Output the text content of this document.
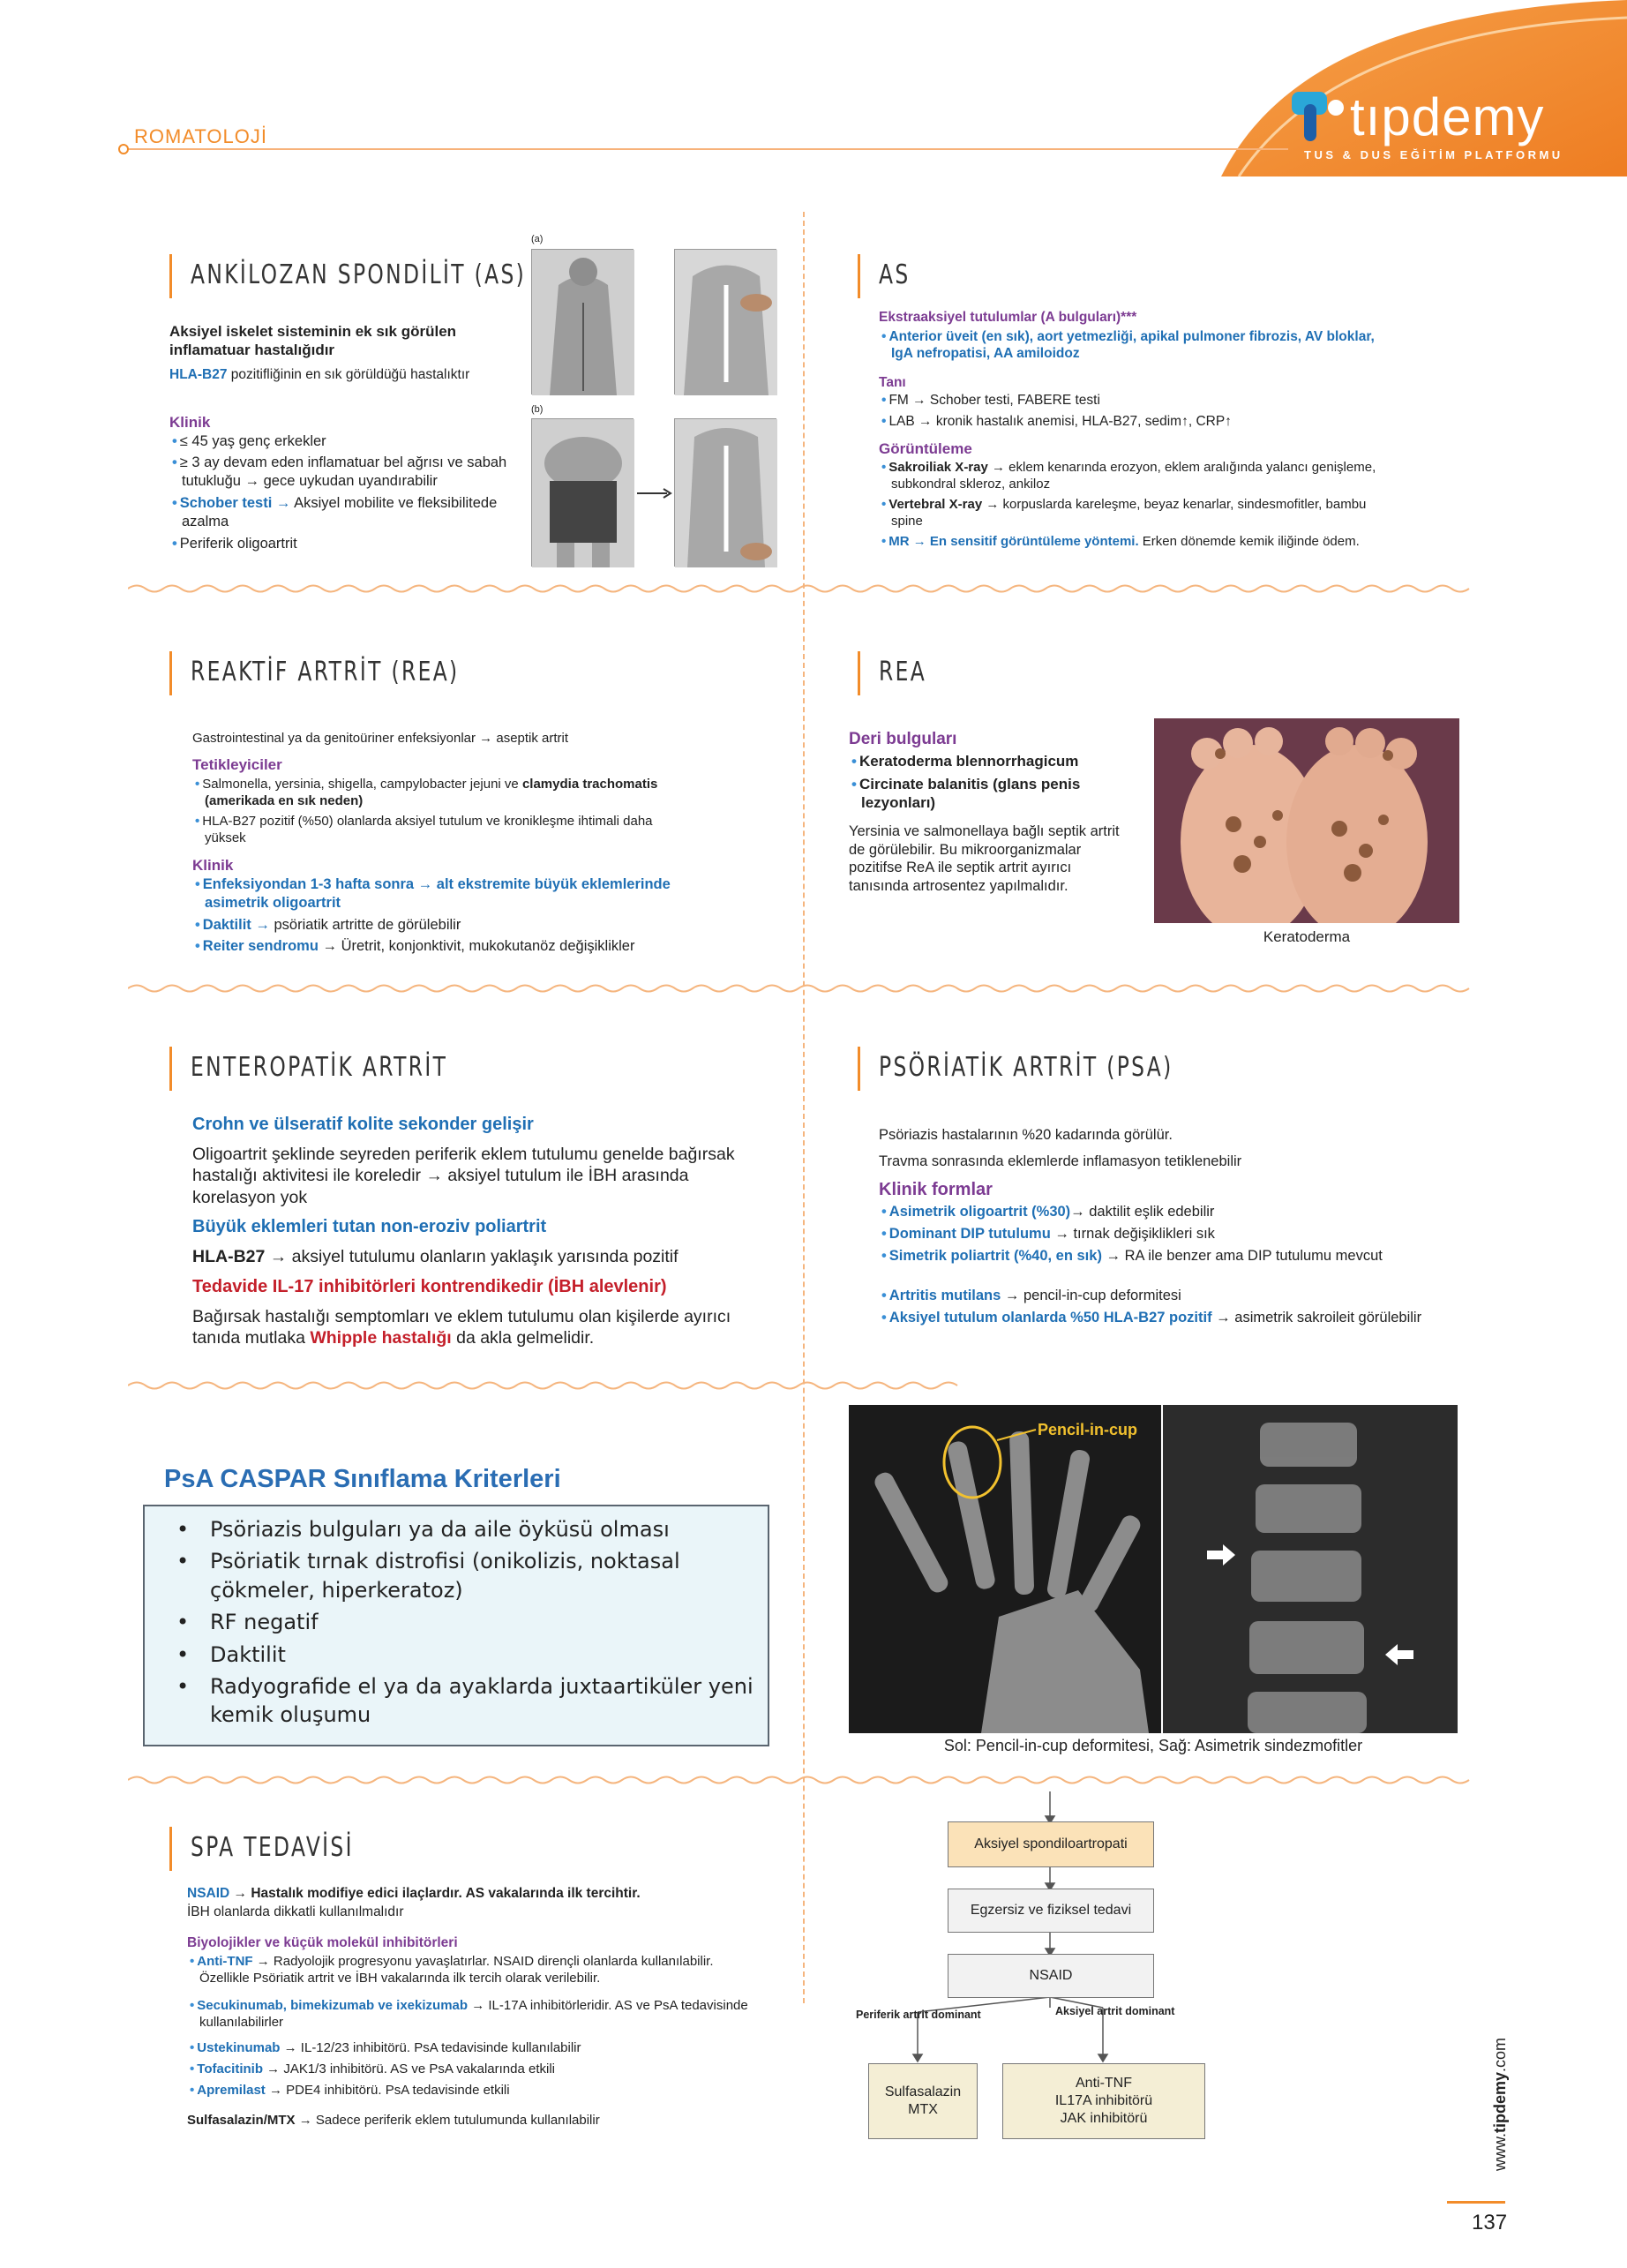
tıpdemy
TUS & DUS EĞİTİM PLATFORMU
ROMATOLOJİ
ANKİLOZAN SPONDİLİT (AS)
Aksiyel iskelet sisteminin ek sık görülen inflamatuar hastalığıdır
HLA-B27 pozitifliğinin en sık görüldüğü hastalıktır
Klinik
• ≤ 45 yaş genç erkekler
• ≥ 3 ay devam eden inflamatuar bel ağrısı ve sabah tutukluğu → gece uykudan uyandırabilir
• Schober testi → Aksiyel mobilite ve fleksibilitede azalma
• Periferik oligoartrit
(a)
(b)
AS
Ekstraaksiyel tutulumlar (A bulguları)***
• Anterior üveit (en sık), aort yetmezliği, apikal pulmoner fibrozis, AV bloklar, IgA nefropatisi, AA amiloidoz
Tanı
• FM → Schober testi, FABERE testi
• LAB → kronik hastalık anemisi, HLA-B27, sedim↑, CRP↑
Görüntüleme
• Sakroiliak X-ray → eklem kenarında erozyon, eklem aralığında yalancı genişleme, subkondral skleroz, ankiloz
• Vertebral X-ray → korpuslarda kareleşme, beyaz kenarlar, sindesmofitler, bambu spine
• MR → En sensitif görüntüleme yöntemi. Erken dönemde kemik iliğinde ödem.
REAKTİF ARTRİT (REA)
Gastrointestinal ya da genitoüriner enfeksiyonlar → aseptik artrit
Tetikleyiciler
• Salmonella, yersinia, shigella, campylobacter jejuni ve clamydia trachomatis (amerikada en sık neden)
• HLA-B27 pozitif (%50) olanlarda aksiyel tutulum ve kronikleşme ihtimali daha yüksek
Klinik
• Enfeksiyondan 1-3 hafta sonra → alt ekstremite büyük eklemlerinde asimetrik oligoartrit
• Daktilit → psöriatik artritte de görülebilir
• Reiter sendromu → Üretrit, konjonktivit, mukokutanöz değişiklikler
REA
Deri bulguları
• Keratoderma blennorrhagicum
• Circinate balanitis (glans penis lezyonları)
Yersinia ve salmonellaya bağlı septik artrit de görülebilir. Bu mikroorganizmalar pozitifse ReA ile septik artrit ayırıcı tanısında artrosentez yapılmalıdır.
Keratoderma
ENTEROPATİK ARTRİT
Crohn ve ülseratif kolite sekonder gelişir
Oligoartrit şeklinde seyreden periferik eklem tutulumu genelde bağırsak hastalığı aktivitesi ile koreledir → aksiyel tutulum ile İBH arasında korelasyon yok
Büyük eklemleri tutan non-eroziv poliartrit
HLA-B27 → aksiyel tutulumu olanların yaklaşık yarısında pozitif
Tedavide IL-17 inhibitörleri kontrendikedir (İBH alevlenir)
Bağırsak hastalığı semptomları ve eklem tutulumu olan kişilerde ayırıcı tanıda mutlaka Whipple hastalığı da akla gelmelidir.
PSÖRİATİK ARTRİT (PSA)
Psöriazis hastalarının %20 kadarında görülür.
Travma sonrasında eklemlerde inflamasyon tetiklenebilir
Klinik formlar
• Asimetrik oligoartrit (%30)→ daktilit eşlik edebilir
• Dominant DIP tutulumu → tırnak değişiklikleri sık
• Simetrik poliartrit (%40, en sık) → RA ile benzer ama DIP tutulumu mevcut
• Artritis mutilans → pencil-in-cup deformitesi
• Aksiyel tutulum olanlarda %50 HLA-B27 pozitif → asimetrik sakroileit görülebilir
PsA CASPAR Sınıflama Kriterleri
• Psöriazis bulguları ya da aile öyküsü olması
• Psöriatik tırnak distrofisi (onikolizis, noktasal çökmeler, hiperkeratoz)
• RF negatif
• Daktilit
• Radyografide el ya da ayaklarda juxtaartiküler yeni kemik oluşumu
Pencil-in-cup
Sol: Pencil-in-cup deformitesi, Sağ: Asimetrik sindezmofitler
SPA TEDAVİSİ
NSAID → Hastalık modifiye edici ilaçlardır. AS vakalarında ilk tercihtir.
İBH olanlarda dikkatli kullanılmalıdır
Biyolojikler ve küçük molekül inhibitörleri
• Anti-TNF → Radyolojik progresyonu yavaşlatırlar. NSAID dirençli olanlarda kullanılabilir. Özellikle Psöriatik artrit ve İBH vakalarında ilk tercih olarak verilebilir.
• Secukinumab, bimekizumab ve ixekizumab → IL-17A inhibitörleridir. AS ve PsA tedavisinde kullanılabilirler
• Ustekinumab → IL-12/23 inhibitörü. PsA tedavisinde kullanılabilir
• Tofacitinib → JAK1/3 inhibitörü. AS ve PsA vakalarında etkili
• Apremilast → PDE4 inhibitörü. PsA tedavisinde etkili
Sulfasalazin/MTX → Sadece periferik eklem tutulumunda kullanılabilir
Aksiyel spondiloartropati
Egzersiz ve fiziksel tedavi
NSAID
Periferik artrit dominant	Aksiyel artrit dominant
Sulfasalazin
MTX
Anti-TNF
IL17A inhibitörü
JAK inhibitörü
www.tipdemy.com
137
